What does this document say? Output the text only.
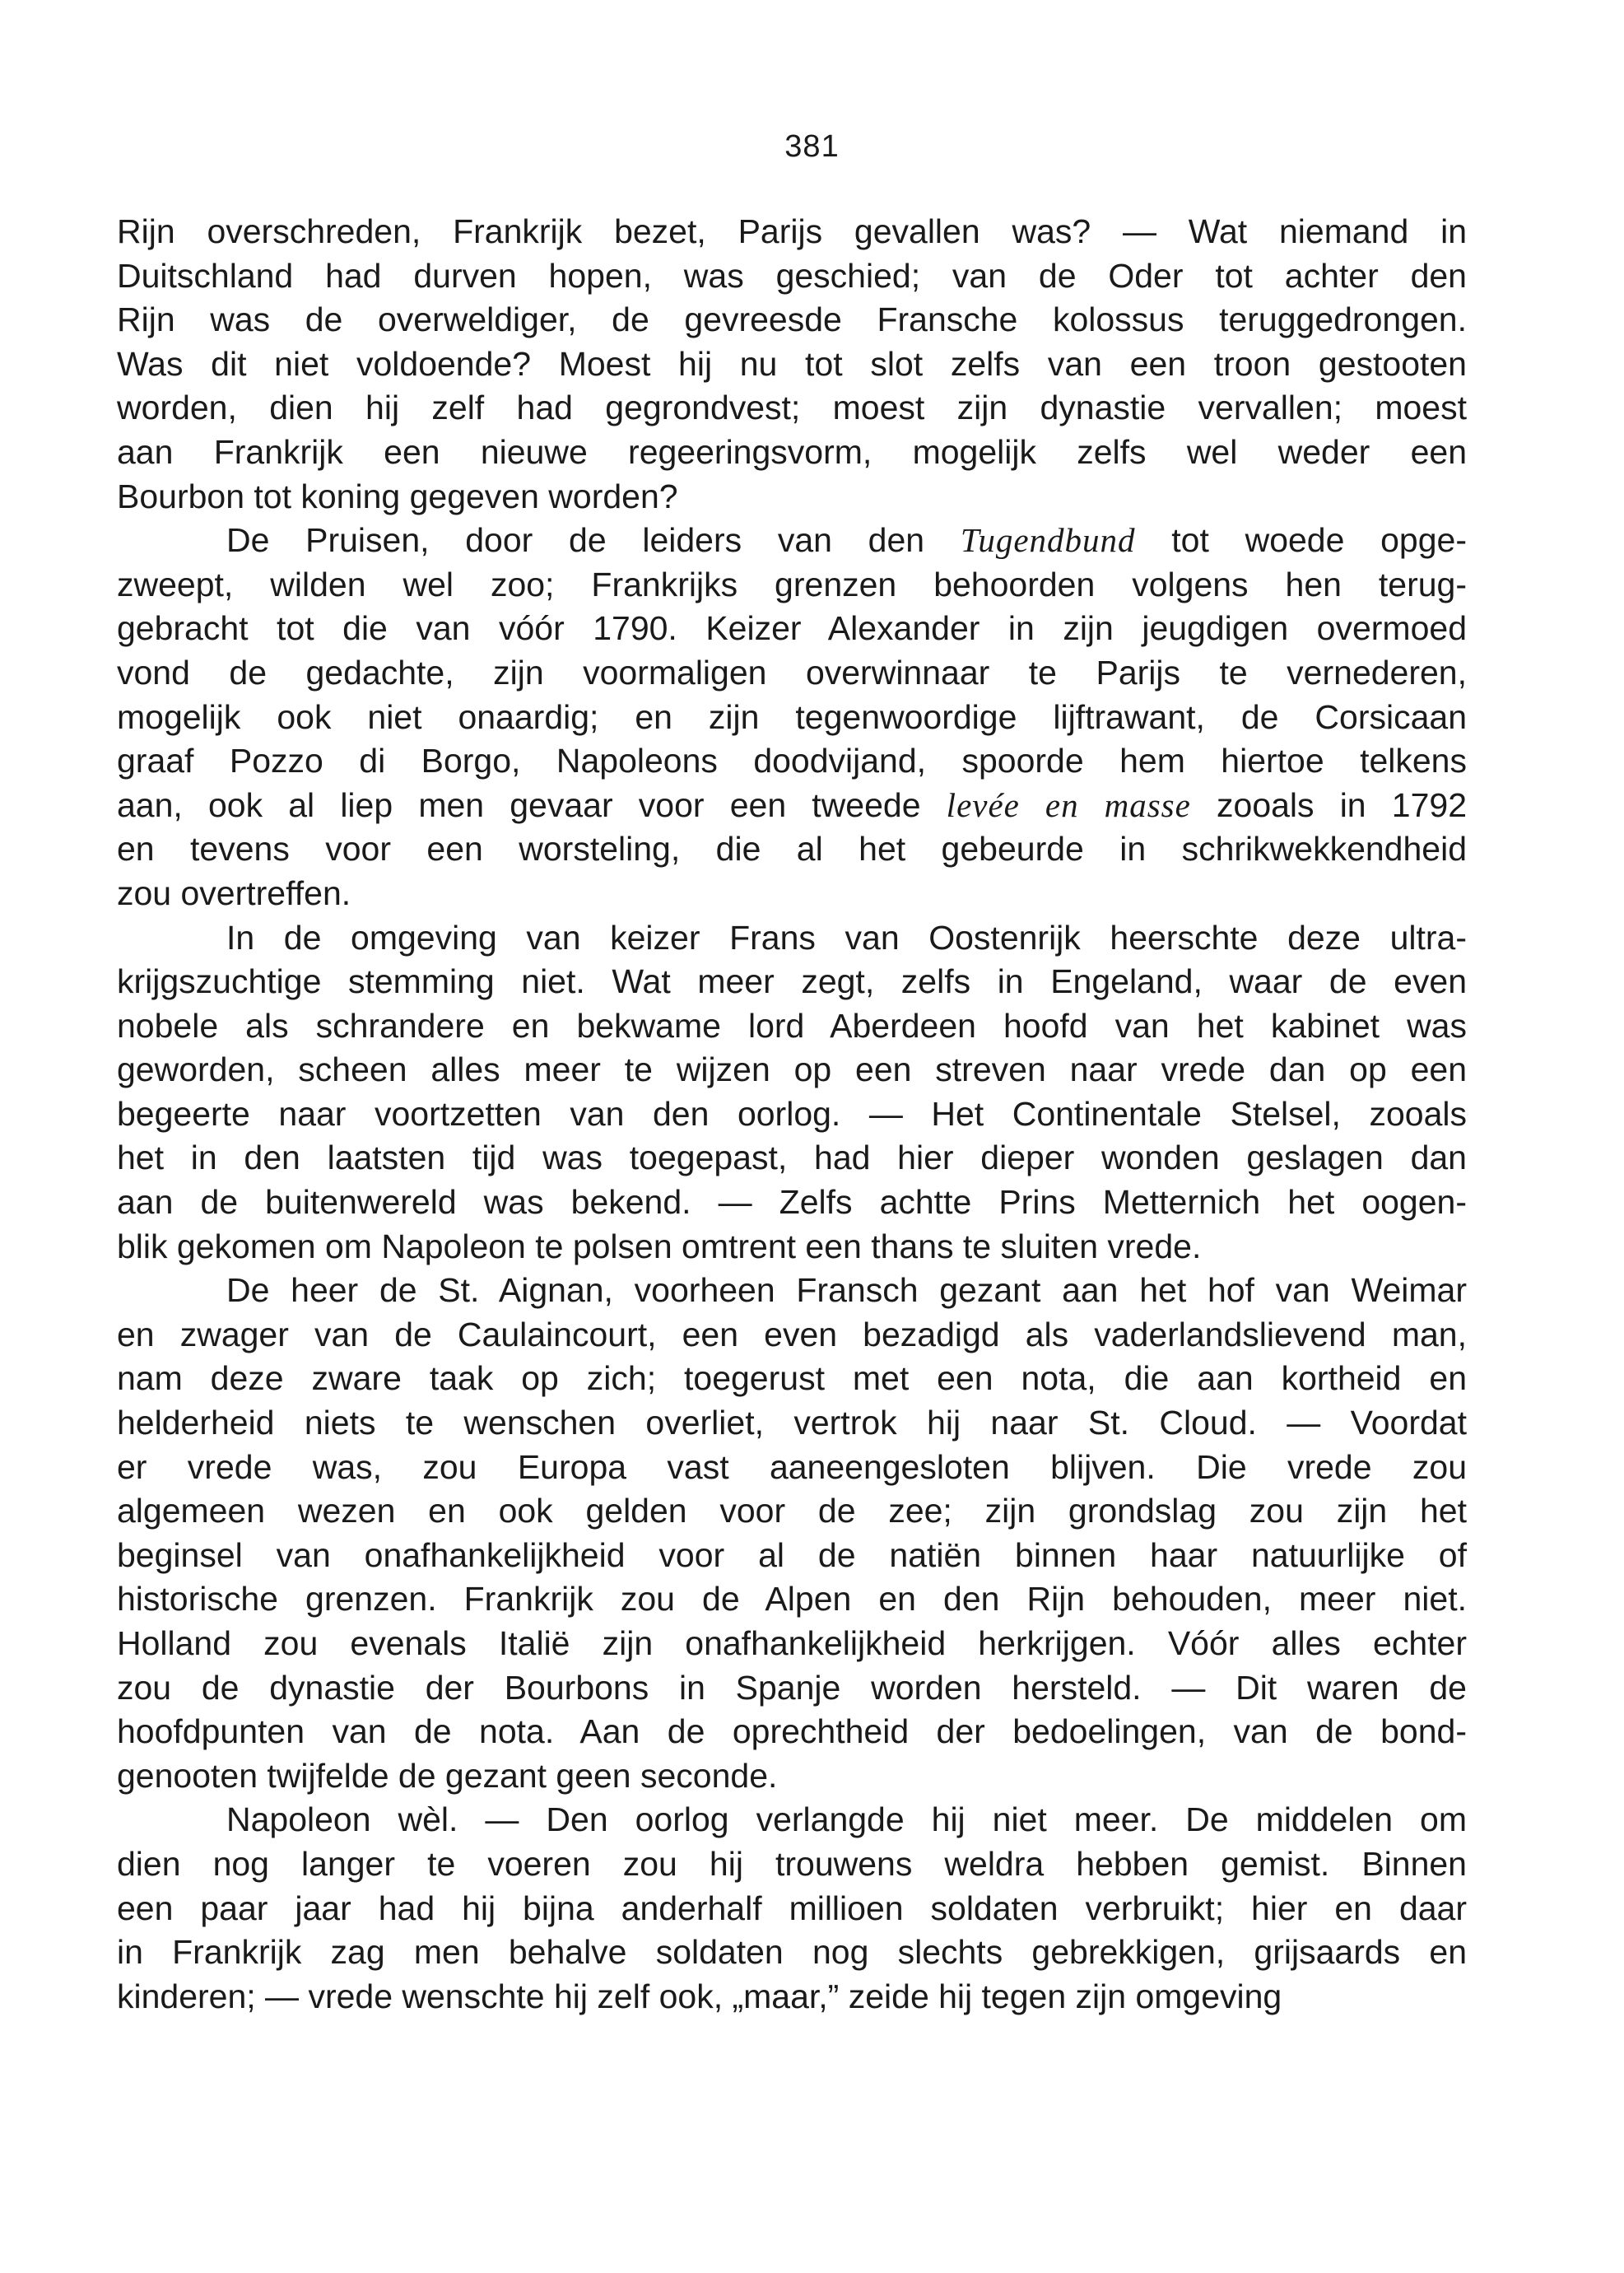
381
Rijn overschreden, Frankrijk bezet, Parijs gevallen was? — Wat niemand in
Duitschland had durven hopen, was geschied; van de Oder tot achter den
Rijn was de overweldiger, de gevreesde Fransche kolossus teruggedrongen.
Was dit niet voldoende? Moest hij nu tot slot zelfs van een troon gestooten
worden, dien hij zelf had gegrondvest; moest zijn dynastie vervallen; moest
aan Frankrijk een nieuwe regeeringsvorm, mogelijk zelfs wel weder een
Bourbon tot koning gegeven worden?
De Pruisen, door de leiders van den Tugendbund tot woede opge-
zweept, wilden wel zoo; Frankrijks grenzen behoorden volgens hen terug-
gebracht tot die van vóór 1790. Keizer Alexander in zijn jeugdigen overmoed
vond de gedachte, zijn voormaligen overwinnaar te Parijs te vernederen,
mogelijk ook niet onaardig; en zijn tegenwoordige lijftrawant, de Corsicaan
graaf Pozzo di Borgo, Napoleons doodvijand, spoorde hem hiertoe telkens
aan, ook al liep men gevaar voor een tweede levée en masse zooals in 1792
en tevens voor een worsteling, die al het gebeurde in schrikwekkendheid
zou overtreffen.
In de omgeving van keizer Frans van Oostenrijk heerschte deze ultra-
krijgszuchtige stemming niet. Wat meer zegt, zelfs in Engeland, waar de even
nobele als schrandere en bekwame lord Aberdeen hoofd van het kabinet was
geworden, scheen alles meer te wijzen op een streven naar vrede dan op een
begeerte naar voortzetten van den oorlog. — Het Continentale Stelsel, zooals
het in den laatsten tijd was toegepast, had hier dieper wonden geslagen dan
aan de buitenwereld was bekend. — Zelfs achtte Prins Metternich het oogen-
blik gekomen om Napoleon te polsen omtrent een thans te sluiten vrede.
De heer de St. Aignan, voorheen Fransch gezant aan het hof van Weimar
en zwager van de Caulaincourt, een even bezadigd als vaderlandslievend man,
nam deze zware taak op zich; toegerust met een nota, die aan kortheid en
helderheid niets te wenschen overliet, vertrok hij naar St. Cloud. — Voordat
er vrede was, zou Europa vast aaneengesloten blijven. Die vrede zou
algemeen wezen en ook gelden voor de zee; zijn grondslag zou zijn het
beginsel van onafhankelijkheid voor al de natiën binnen haar natuurlijke of
historische grenzen. Frankrijk zou de Alpen en den Rijn behouden, meer niet.
Holland zou evenals Italië zijn onafhankelijkheid herkrijgen. Vóór alles echter
zou de dynastie der Bourbons in Spanje worden hersteld. — Dit waren de
hoofdpunten van de nota. Aan de oprechtheid der bedoelingen, van de bond-
genooten twijfelde de gezant geen seconde.
Napoleon wèl. — Den oorlog verlangde hij niet meer. De middelen om
dien nog langer te voeren zou hij trouwens weldra hebben gemist. Binnen
een paar jaar had hij bijna anderhalf millioen soldaten verbruikt; hier en daar
in Frankrijk zag men behalve soldaten nog slechts gebrekkigen, grijsaards en
kinderen; — vrede wenschte hij zelf ook, „maar,” zeide hij tegen zijn omgeving
